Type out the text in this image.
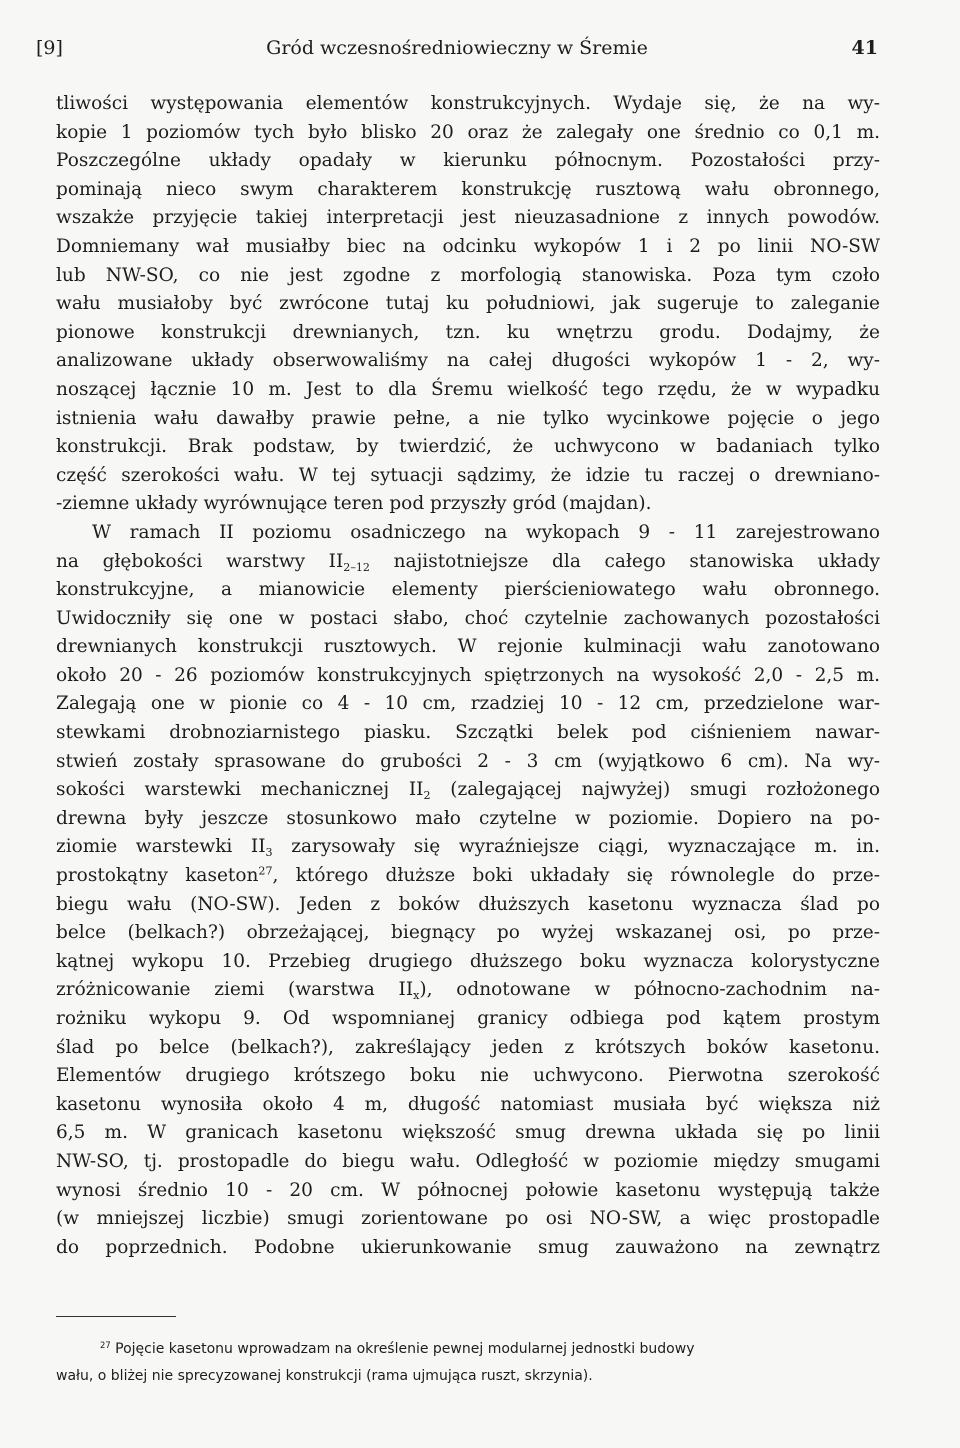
[9]	Gród wczesnośredniowieczny w Śremie	41
tliwości występowania elementów konstrukcyjnych. Wydaje się, że na wy-
kopie 1 poziomów tych było blisko 20 oraz że zalegały one średnio co 0,1 m.
Poszczególne układy opadały w kierunku północnym. Pozostałości przy-
pominają nieco swym charakterem konstrukcję rusztową wału obronnego,
wszakże przyjęcie takiej interpretacji jest nieuzasadnione z innych powodów.
Domniemany wał musiałby biec na odcinku wykopów 1 i 2 po linii NO-SW
lub NW-SO, co nie jest zgodne z morfologią stanowiska. Poza tym czoło
wału musiałoby być zwrócone tutaj ku południowi, jak sugeruje to zaleganie
pionowe konstrukcji drewnianych, tzn. ku wnętrzu grodu. Dodajmy, że
analizowane układy obserwowaliśmy na całej długości wykopów 1 - 2, wy-
noszącej łącznie 10 m. Jest to dla Śremu wielkość tego rzędu, że w wypadku
istnienia wału dawałby prawie pełne, a nie tylko wycinkowe pojęcie o jego
konstrukcji. Brak podstaw, by twierdzić, że uchwycono w badaniach tylko
część szerokości wału. W tej sytuacji sądzimy, że idzie tu raczej o drewniano-
-ziemne układy wyrównujące teren pod przyszły gród (majdan).
W ramach II poziomu osadniczego na wykopach 9 - 11 zarejestrowano
na głębokości warstwy $II_{2-12}$ najistotniejsze dla całego stanowiska układy
konstrukcyjne, a mianowicie elementy pierścieniowatego wału obronnego.
Uwidoczniły się one w postaci słabo, choć czytelnie zachowanych pozostałości
drewnianych konstrukcji rusztowych. W rejonie kulminacji wału zanotowano
około 20 - 26 poziomów konstrukcyjnych spiętrzonych na wysokość 2,0 - 2,5 m.
Zalegają one w pionie co 4 - 10 cm, rzadziej 10 - 12 cm, przedzielone war-
stewkami drobnoziarnistego piasku. Szczątki belek pod ciśnieniem nawar-
stwień zostały sprasowane do grubości 2 - 3 cm (wyjątkowo 6 cm). Na wy-
sokości warstewki mechanicznej $II_2$ (zalegającej najwyżej) smugi rozłożonego
drewna były jeszcze stosunkowo mało czytelne w poziomie. Dopiero na po-
ziomie warstewki $II_3$ zarysowały się wyraźniejsze ciągi, wyznaczające m. in.
prostokątny kaseton$^{27}$, którego dłuższe boki układały się równolegle do prze-
biegu wału (NO-SW). Jeden z boków dłuższych kasetonu wyznacza ślad po
belce (belkach?) obrzeżającej, biegnący po wyżej wskazanej osi, po prze-
kątnej wykopu 10. Przebieg drugiego dłuższego boku wyznacza kolorystyczne
zróżnicowanie ziemi (warstwa $II_x$), odnotowane w północno-zachodnim na-
rożniku wykopu 9. Od wspomnianej granicy odbiega pod kątem prostym
ślad po belce (belkach?), zakreślający jeden z krótszych boków kasetonu.
Elementów drugiego krótszego boku nie uchwycono. Pierwotna szerokość
kasetonu wynosiła około 4 m, długość natomiast musiała być większa niż
6,5 m. W granicach kasetonu większość smug drewna układa się po linii
NW-SO, tj. prostopadle do biegu wału. Odległość w poziomie między smugami
wynosi średnio 10 - 20 cm. W północnej połowie kasetonu występują także
(w mniejszej liczbie) smugi zorientowane po osi NO-SW, a więc prostopadle
do poprzednich. Podobne ukierunkowanie smug zauważono na zewnątrz
$^{27}$ Pojęcie kasetonu wprowadzam na określenie pewnej modularnej jednostki budowy
wału, o bliżej nie sprecyzowanej konstrukcji (rama ujmująca ruszt, skrzynia).
